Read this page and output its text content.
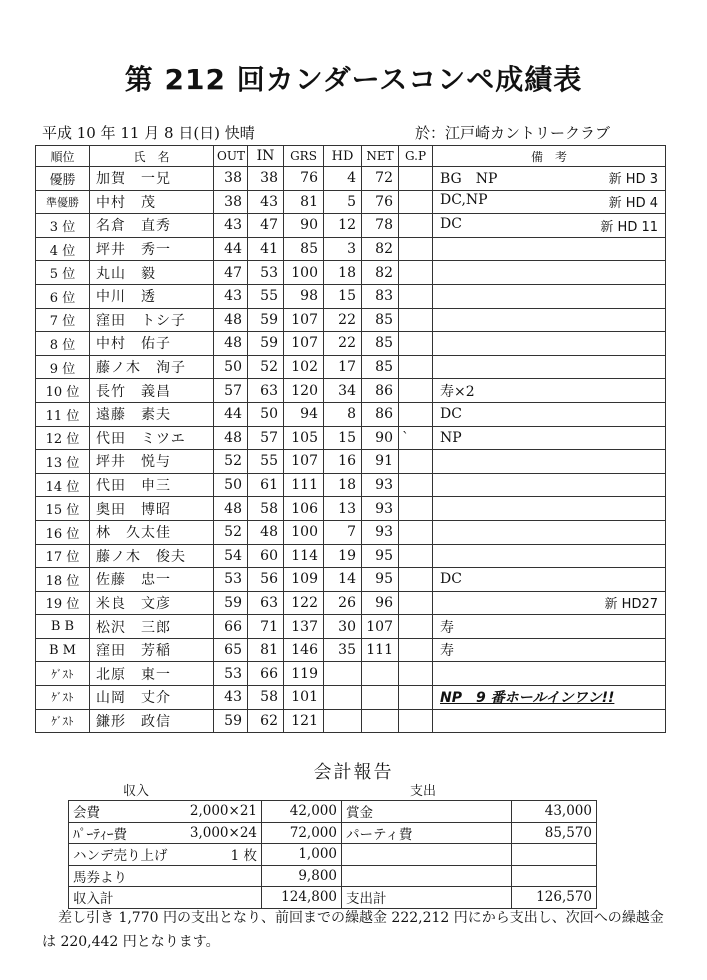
第 212 回カンダースコンペ成績表
平成 10 年 11 月 8 日(日) 快晴	於：江戸崎カントリークラブ
順位	氏　名	OUT	IN	GRS	HD	NET	G.P	備　考
優勝	加賀　一兄	38	38	76	4	72		BG　NP 新 HD 3

準優勝	中村　茂	38	43	81	5	76		DC,NP 新 HD 4

3 位	名倉　直秀	43	47	90	12	78		DC 新 HD 11

4 位	坪井　秀一	44	41	85	3	82		

5 位	丸山　毅	47	53	100	18	82		

6 位	中川　透	43	55	98	15	83		

7 位	窪田　トシ子	48	59	107	22	85		

8 位	中村　佑子	48	59	107	22	85		

9 位	藤ノ木　洵子	50	52	102	17	85		

10 位	長竹　義昌	57	63	120	34	86		寿×2

11 位	遠藤　素夫	44	50	94	8	86		DC

12 位	代田　ミツエ	48	57	105	15	90	`	NP

13 位	坪井　悦与	52	55	107	16	91		

14 位	代田　申三	50	61	111	18	93		

15 位	奥田　博昭	48	58	106	13	93		

16 位	林　久太佳	52	48	100	7	93		

17 位	藤ノ木　俊夫	54	60	114	19	95		

18 位	佐藤　忠一	53	56	109	14	95		DC

19 位	米良　文彦	59	63	122	26	96		新 HD27

B B	松沢　三郎	66	71	137	30	107		寿

B M	窪田　芳稲	65	81	146	35	111		寿

ｹﾞｽﾄ	北原　東一	53	66	119				

ｹﾞｽﾄ	山岡　丈介	43	58	101				NP　9 番ホールインワン!!

ｹﾞｽﾄ	鎌形　政信	59	62	121				
会計報告
収入	支出
会費	2,000×21	42,000	賞金	43,000
ﾊﾟｰﾃｨｰ費	3,000×24	72,000	パーティ費	85,570
ハンデ売り上げ	1 枚	1,000		
馬券より		9,800		
収入計		124,800	支出計	126,570

差し引き 1,770 円の支出となり、前回までの繰越金 222,212 円にから支出し、次回への繰越金は 220,442 円となります。
